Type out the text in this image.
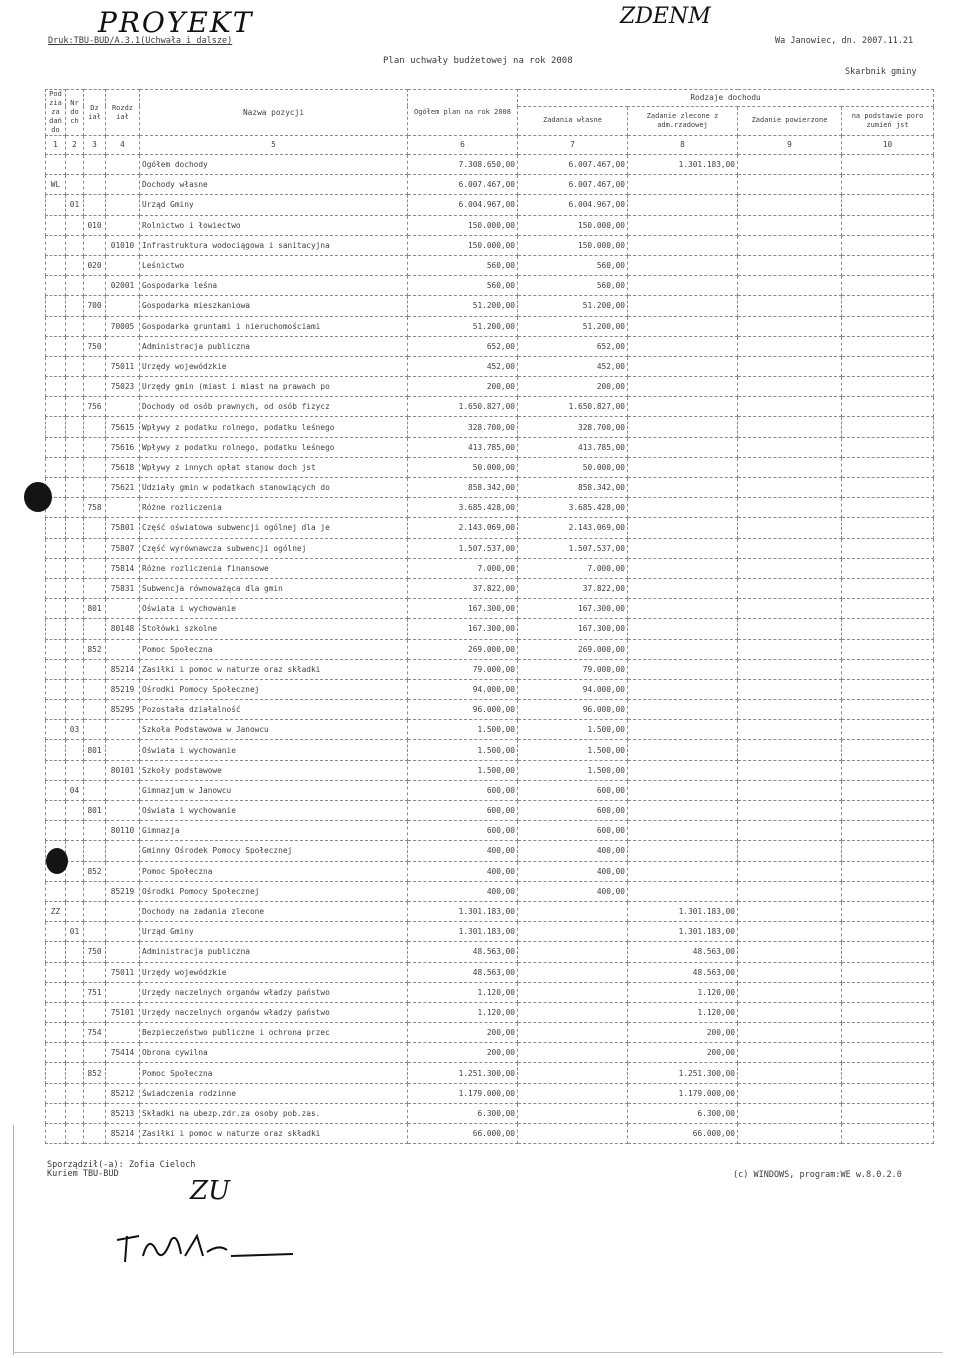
PROYEKT	ZDENM
Druk:TBU-BUD/A.3.1(Uchwała i dalsze)	Wa Janowiec, dn. 2007.11.21
Plan uchwały budżetowej na rok 2008
Skarbnik gminy
Pod zia za dań do	Nr do ch	Dz iał	Rozdz iał	Nazwa pozycji	Ogółem plan na rok 2008	Rodzaje dochodu			
						Zadania własne	Zadanie zlecone z adm.rzadowej	Zadanie powierzone	na podstawie poro zumień jst
1	2	3	4	5	6	7	8	9	10
				Ogółem dochody	7.308.650,00	6.007.467,00	1.301.183,00		
WL				Dochody własne	6.007.467,00	6.007.467,00			
	01			Urząd Gminy	6.004.967,00	6.004.967,00			
		010		Rolnictwo i łowiectwo	150.000,00	150.000,00			
			01010	Infrastruktura wodociągowa i sanitacyjna	150.000,00	150.000,00			
		020		Leśnictwo	560,00	560,00			
			02001	Gospodarka leśna	560,00	560,00			
		700		Gospodarka mieszkaniowa	51.200,00	51.200,00			
			70005	Gospodarka gruntami i nieruchomościami	51.200,00	51.200,00			
		750		Administracja publiczna	652,00	652,00			
			75011	Urzędy wojewódzkie	452,00	452,00			
			75023	Urzędy gmin (miast i miast na prawach po	200,00	200,00			
		756		Dochody od osób prawnych, od osób fizycz	1.650.827,00	1.650.827,00			
			75615	Wpływy z podatku rolnego, podatku leśnego	328.700,00	328.700,00			
			75616	Wpływy z podatku rolnego, podatku leśnego	413.785,00	413.785,00			
			75618	Wpływy z innych opłat stanow doch jst	50.000,00	50.000,00			
			75621	Udziały gmin w podatkach stanowiących do	858.342,00	858.342,00			
		758		Różne rozliczenia	3.685.428,00	3.685.428,00			
			75801	Część oświatowa subwencji ogólnej dla je	2.143.069,00	2.143.069,00			
			75807	Część wyrównawcza subwencji ogólnej	1.507.537,00	1.507.537,00			
			75814	Różne rozliczenia finansowe	7.000,00	7.000,00			
			75831	Subwencja równoważąca dla gmin	37.822,00	37.822,00			
		801		Oświata i wychowanie	167.300,00	167.300,00			
			80148	Stołówki szkolne	167.300,00	167.300,00			
		852		Pomoc Społeczna	269.000,00	269.000,00			
			85214	Zasiłki i pomoc w naturze oraz składki	79.000,00	79.000,00			
			85219	Ośrodki Pomocy Społecznej	94.000,00	94.000,00			
			85295	Pozostała działalność	96.000,00	96.000,00			
	03			Szkoła Podstawowa w Janowcu	1.500,00	1.500,00			
		801		Oświata i wychowanie	1.500,00	1.500,00			
			80101	Szkoły podstawowe	1.500,00	1.500,00			
	04			Gimnazjum w Janowcu	600,00	600,00			
		801		Oświata i wychowanie	600,00	600,00			
			80110	Gimnazja	600,00	600,00			
				Gminny Ośrodek Pomocy Społecznej	400,00	400,00			
		852		Pomoc Społeczna	400,00	400,00			
			85219	Ośrodki Pomocy Społecznej	400,00	400,00			
ZZ				Dochody na zadania zlecone	1.301.183,00		1.301.183,00		
	01			Urząd Gminy	1.301.183,00		1.301.183,00		
		750		Administracja publiczna	48.563,00		48.563,00		
			75011	Urzędy wojewódzkie	48.563,00		48.563,00		
		751		Urzędy naczelnych organów władzy państwo	1.120,00		1.120,00		
			75101	Urzędy naczelnych organów władzy państwo	1.120,00		1.120,00		
		754		Bezpieczeństwo publiczne i ochrona przec	200,00		200,00		
			75414	Obrona cywilna	200,00		200,00		
		852		Pomoc Społeczna	1.251.300,00		1.251.300,00		
			85212	Świadczenia rodzinne	1.179.000,00		1.179.000,00		
			85213	Składki na ubezp.zdr.za osoby pob.zas.	6.300,00		6.300,00		
			85214	Zasiłki i pomoc w naturze oraz składki	66.000,00		66.000,00		
Sporządził(-a): Zofia Cieloch
Kuriem TBU-BUD	(c) WINDOWS, program:WE w.8.0.2.0
ZU
